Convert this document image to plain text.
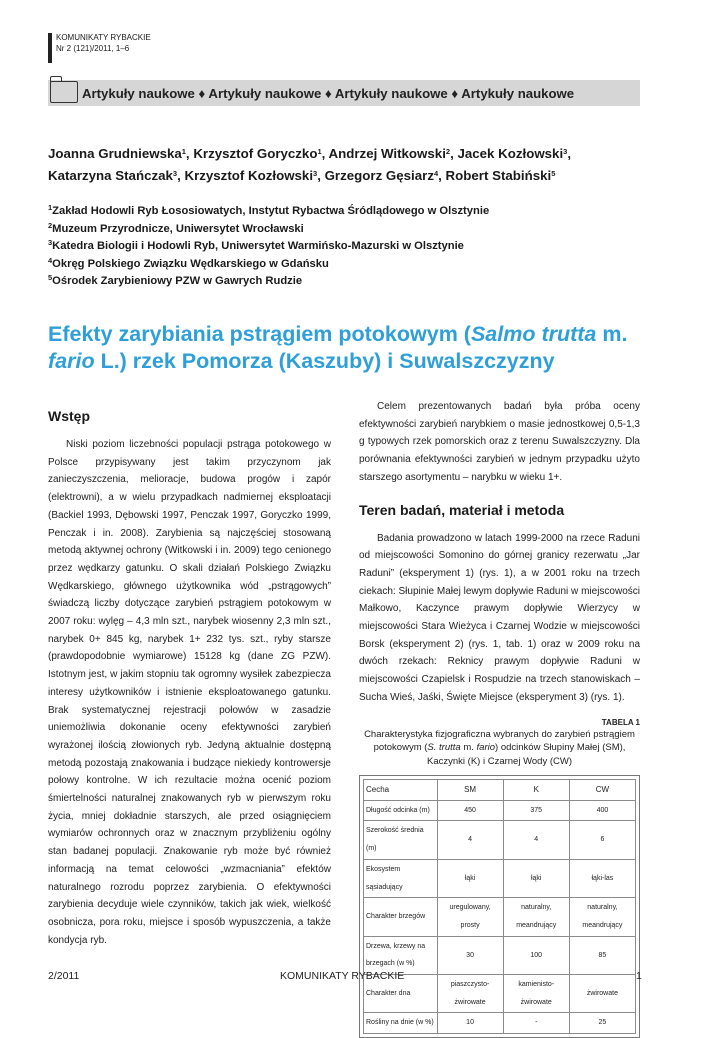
KOMUNIKATY RYBACKIE
Nr 2 (121)/2011, 1–6
Artykuły naukowe ♦ Artykuły naukowe ♦ Artykuły naukowe ♦ Artykuły naukowe
Joanna Grudniewska$^1$, Krzysztof Goryczko$^1$, Andrzej Witkowski$^2$, Jacek Kozłowski$^3$,
Katarzyna Stańczak$^3$, Krzysztof Kozłowski$^3$, Grzegorz Gęsiarz$^4$, Robert Stabiński$^5$
$^1$Zakład Hodowli Ryb Łososiowatych, Instytut Rybactwa Śródlądowego w Olsztynie
$^2$Muzeum Przyrodnicze, Uniwersytet Wrocławski
$^3$Katedra Biologii i Hodowli Ryb, Uniwersytet Warmińsko-Mazurski w Olsztynie
$^4$Okręg Polskiego Związku Wędkarskiego w Gdańsku
$^5$Ośrodek Zarybieniowy PZW w Gawrych Rudzie
Efekty zarybiania pstrągiem potokowym (Salmo trutta m.
fario L.) rzek Pomorza (Kaszuby) i Suwalszczyzny
Wstęp

Niski poziom liczebności populacji pstrąga potokowego w Polsce przypisywany jest takim przyczynom jak zanieczyszczenia, melioracje, budowa progów i zapór (elektrowni), a w wielu przypadkach nadmiernej eksploatacji (Backiel 1993, Dębowski 1997, Penczak 1997, Goryczko 1999, Penczak i in. 2008). Zarybienia są najczęściej stosowaną metodą aktywnej ochrony (Witkowski i in. 2009) tego cenionego przez wędkarzy gatunku. O skali działań Polskiego Związku Wędkarskiego, głównego użytkownika wód „pstrągowych” świadczą liczby dotyczące zarybień pstrągiem potokowym w 2007 roku: wylęg – 4,3 mln szt., narybek wiosenny 2,3 mln szt., narybek 0+ 845 kg, narybek 1+ 232 tys. szt., ryby starsze (prawdopodobnie wymiarowe) 15128 kg (dane ZG PZW). Istotnym jest, w jakim stopniu tak ogromny wysiłek zabezpiecza interesy użytkowników i istnienie eksploatowanego gatunku. Brak systematycznej rejestracji połowów w zasadzie uniemożliwia dokonanie oceny efektywności zarybień wyrażonej ilością złowionych ryb. Jedyną aktualnie dostępną metodą pozostają znakowania i budzące niekiedy kontrowersje połowy kontrolne. W ich rezultacie można ocenić poziom śmiertelności naturalnej znakowanych ryb w pierwszym roku życia, mniej dokładnie starszych, ale przed osiągnięciem wymiarów ochronnych oraz w znacznym przybliżeniu ogólny stan badanej populacji. Znakowanie ryb może być również informacją na temat celowości „wzmacniania” efektów naturalnego rozrodu poprzez zarybienia. O efektywności zarybienia decyduje wiele czynników, takich jak wiek, wielkość osobnicza, pora roku, miejsce i sposób wypuszczenia, a także kondycja ryb.

Celem prezentowanych badań była próba oceny efektywności zarybień narybkiem o masie jednostkowej 0,5-1,3 g typowych rzek pomorskich oraz z terenu Suwalszczyzny. Dla porównania efektywności zarybień w jednym przypadku użyto starszego asortymentu – narybku w wieku 1+.

Teren badań, materiał i metoda

Badania prowadzono w latach 1999-2000 na rzece Raduni od miejscowości Somonino do górnej granicy rezerwatu „Jar Raduni” (eksperyment 1) (rys. 1), a w 2001 roku na trzech ciekach: Słupinie Małej lewym dopływie Raduni w miejscowości Małkowo, Kaczynce prawym dopływie Wierzycy w miejscowości Stara Wieżyca i Czarnej Wodzie w miejscowości Borsk (eksperyment 2) (rys. 1, tab. 1) oraz w 2009 roku na dwóch rzekach: Reknicy prawym dopływie Raduni w miejscowości Czapielsk i Rospudzie na trzech stanowiskach – Sucha Wieś, Jaśki, Święte Miejsce (eksperyment 3) (rys. 1).

TABELA 1
Charakterystyka fizjograficzna wybranych do zarybień pstrągiem potokowym (S. trutta m. fario) odcinków Słupiny Małej (SM), Kaczynki (K) i Czarnej Wody (CW)
Cecha	SM	K	CW
Długość odcinka (m)	450	375	400
Szerokość średnia (m)	4	4	6
Ekosystem sąsiadujący	łąki	łąki	łąki-las
Charakter brzegów	uregulowany, prosty	naturalny, meandrujący	naturalny, meandrujący
Drzewa, krzewy na brzegach (w %)	30	100	85
Charakter dna	piaszczysto-żwirowate	kamienisto-żwirowate	żwirowate
Rośliny na dnie (w %)	10	-	25
2/2011	KOMUNIKATY RYBACKIE	1
